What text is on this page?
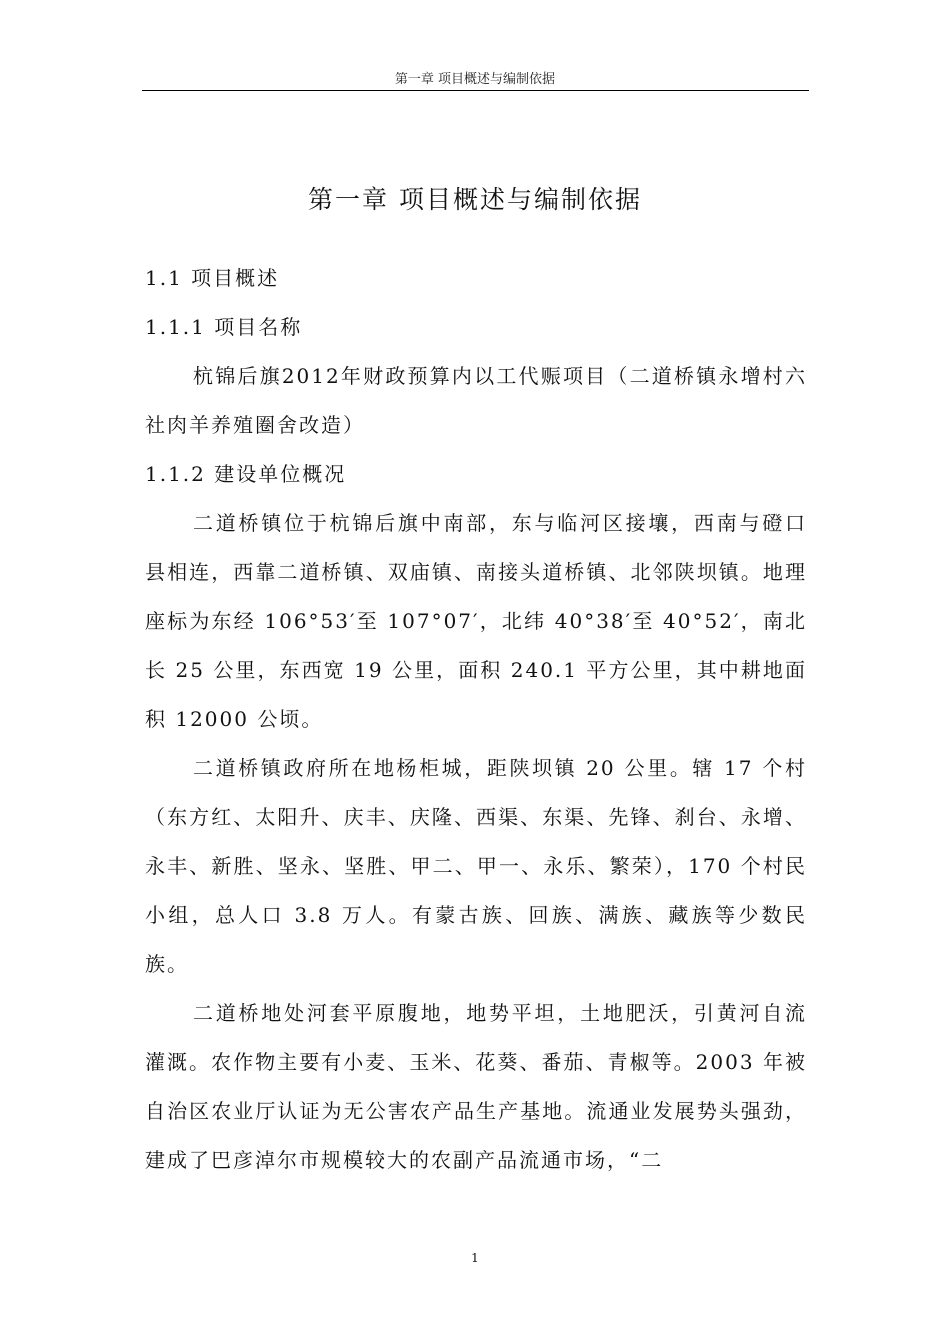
第一章 项目概述与编制依据
第一章 项目概述与编制依据
1.1 项目概述
1.1.1 项目名称

杭锦后旗2012年财政预算内以工代赈项目（二道桥镇永增村六社肉羊养殖圈舍改造）

1.1.2 建设单位概况

二道桥镇位于杭锦后旗中南部，东与临河区接壤，西南与磴口县相连，西靠二道桥镇、双庙镇、南接头道桥镇、北邻陕坝镇。地理座标为东经 106°53′至 107°07′，北纬 40°38′至 40°52′，南北长 25 公里，东西宽 19 公里，面积 240.1 平方公里，其中耕地面积 12000 公顷。

二道桥镇政府所在地杨柜城，距陕坝镇 20 公里。辖 17 个村（东方红、太阳升、庆丰、庆隆、西渠、东渠、先锋、刹台、永增、永丰、新胜、坚永、坚胜、甲二、甲一、永乐、繁荣），170 个村民小组，总人口 3.8 万人。有蒙古族、回族、满族、藏族等少数民族。

二道桥地处河套平原腹地，地势平坦，土地肥沃，引黄河自流灌溉。农作物主要有小麦、玉米、花葵、番茄、青椒等。2003 年被自治区农业厅认证为无公害农产品生产基地。流通业发展势头强劲，建成了巴彦淖尔市规模较大的农副产品流通市场，“二

1
